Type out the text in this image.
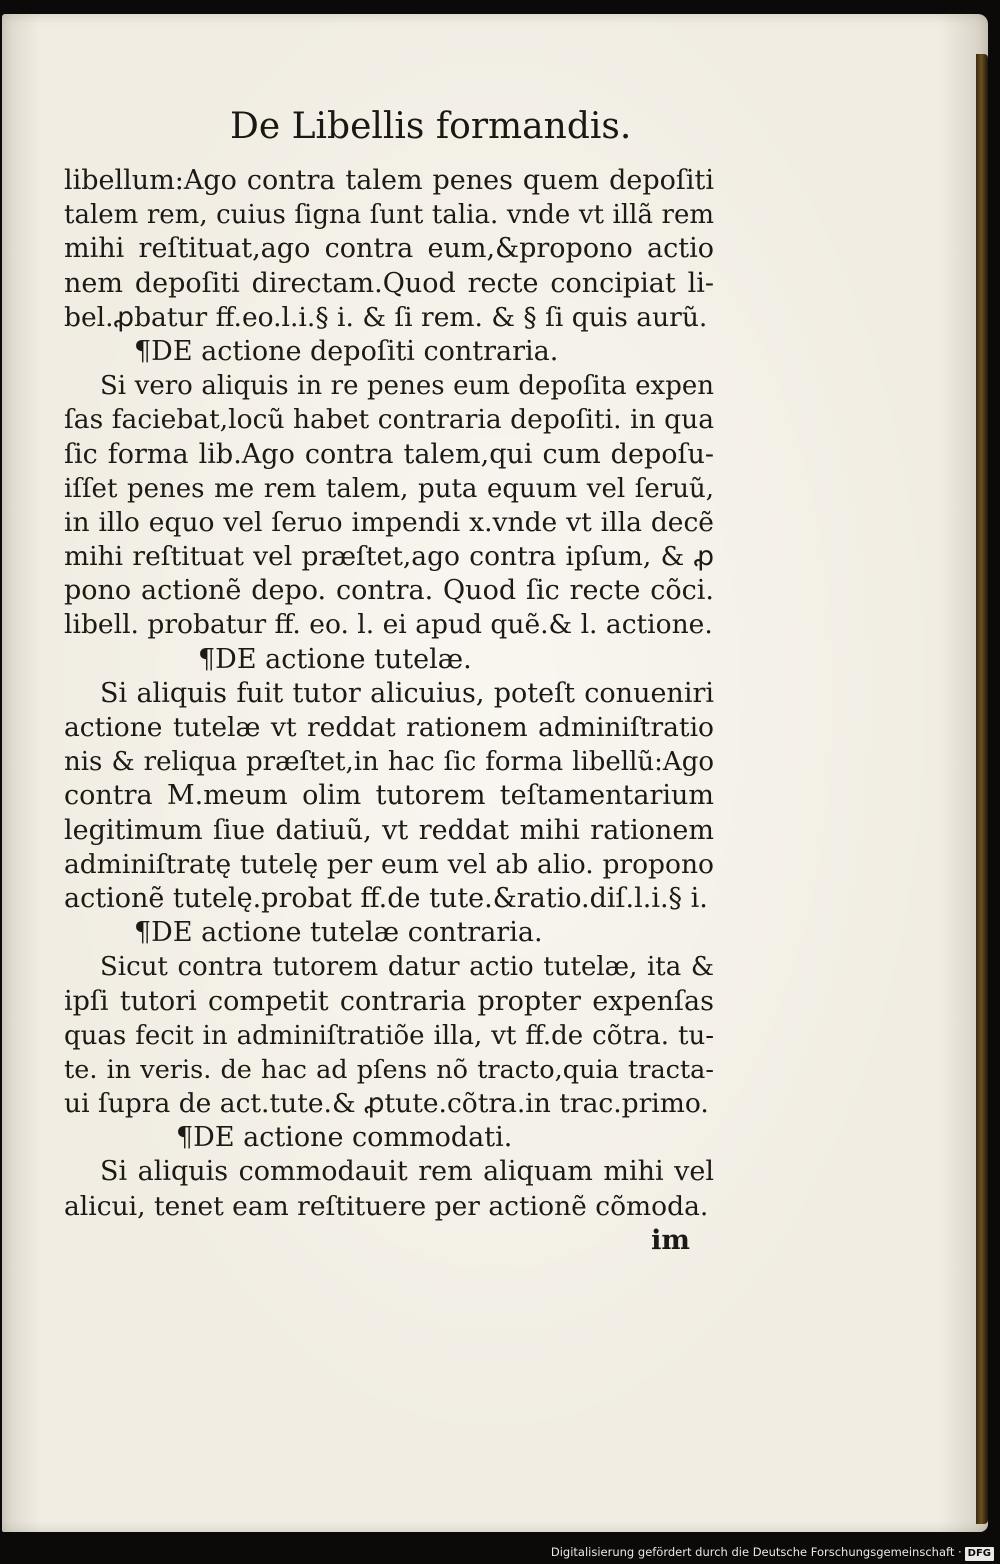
De Libellis formandis.
libellum:Ago contra talem penes quem depoſiti
talem rem, cuius ſigna ſunt talia. vnde vt illã rem
mihi reſtituat,ago contra eum,&propono actio
nem depoſiti directam.Quod recte concipiat li-
bel.ꝓbatur ff.eo.l.i.§ i. & ſi rem. & § ſi quis aurũ.
¶DE actione depoſiti contraria.
Si vero aliquis in re penes eum depoſita expen
ſas faciebat,locũ habet contraria depoſiti. in qua
ſic forma lib.Ago contra talem,qui cum depoſu-
iſſet penes me rem talem, puta equum vel ſeruũ,
in illo equo vel ſeruo impendi x.vnde vt illa decẽ
mihi reſtituat vel præſtet,ago contra ipſum, & ꝓ
pono actionẽ depo. contra. Quod ſic recte cõci.
libell. probatur ff. eo. l. ei apud quẽ.& l. actione.
¶DE actione tutelæ.
Si aliquis fuit tutor alicuius, poteſt conueniri
actione tutelæ vt reddat rationem adminiſtratio
nis & reliqua præſtet,in hac ſic forma libellũ:Ago
contra M.meum olim tutorem teſtamentarium
legitimum ſiue datiuũ, vt reddat mihi rationem
adminiſtratę tutelę per eum vel ab alio. propono
actionẽ tutelę.probat ff.de tute.&ratio.diſ.l.i.§ i.
¶DE actione tutelæ contraria.
Sicut contra tutorem datur actio tutelæ, ita &
ipſi tutori competit contraria propter expenſas
quas fecit in adminiſtratiõe illa, vt ff.de cõtra. tu-
te. in veris. de hac ad pſens nõ tracto,quia tracta-
ui ſupra de act.tute.& ꝓtute.cõtra.in trac.primo.
¶DE actione commodati.
Si aliquis commodauit rem aliquam mihi vel
alicui, tenet eam reſtituere per actionẽ cõmoda.
im
Digitalisierung gefördert durch die Deutsche Forschungsgemeinschaft · DFG
